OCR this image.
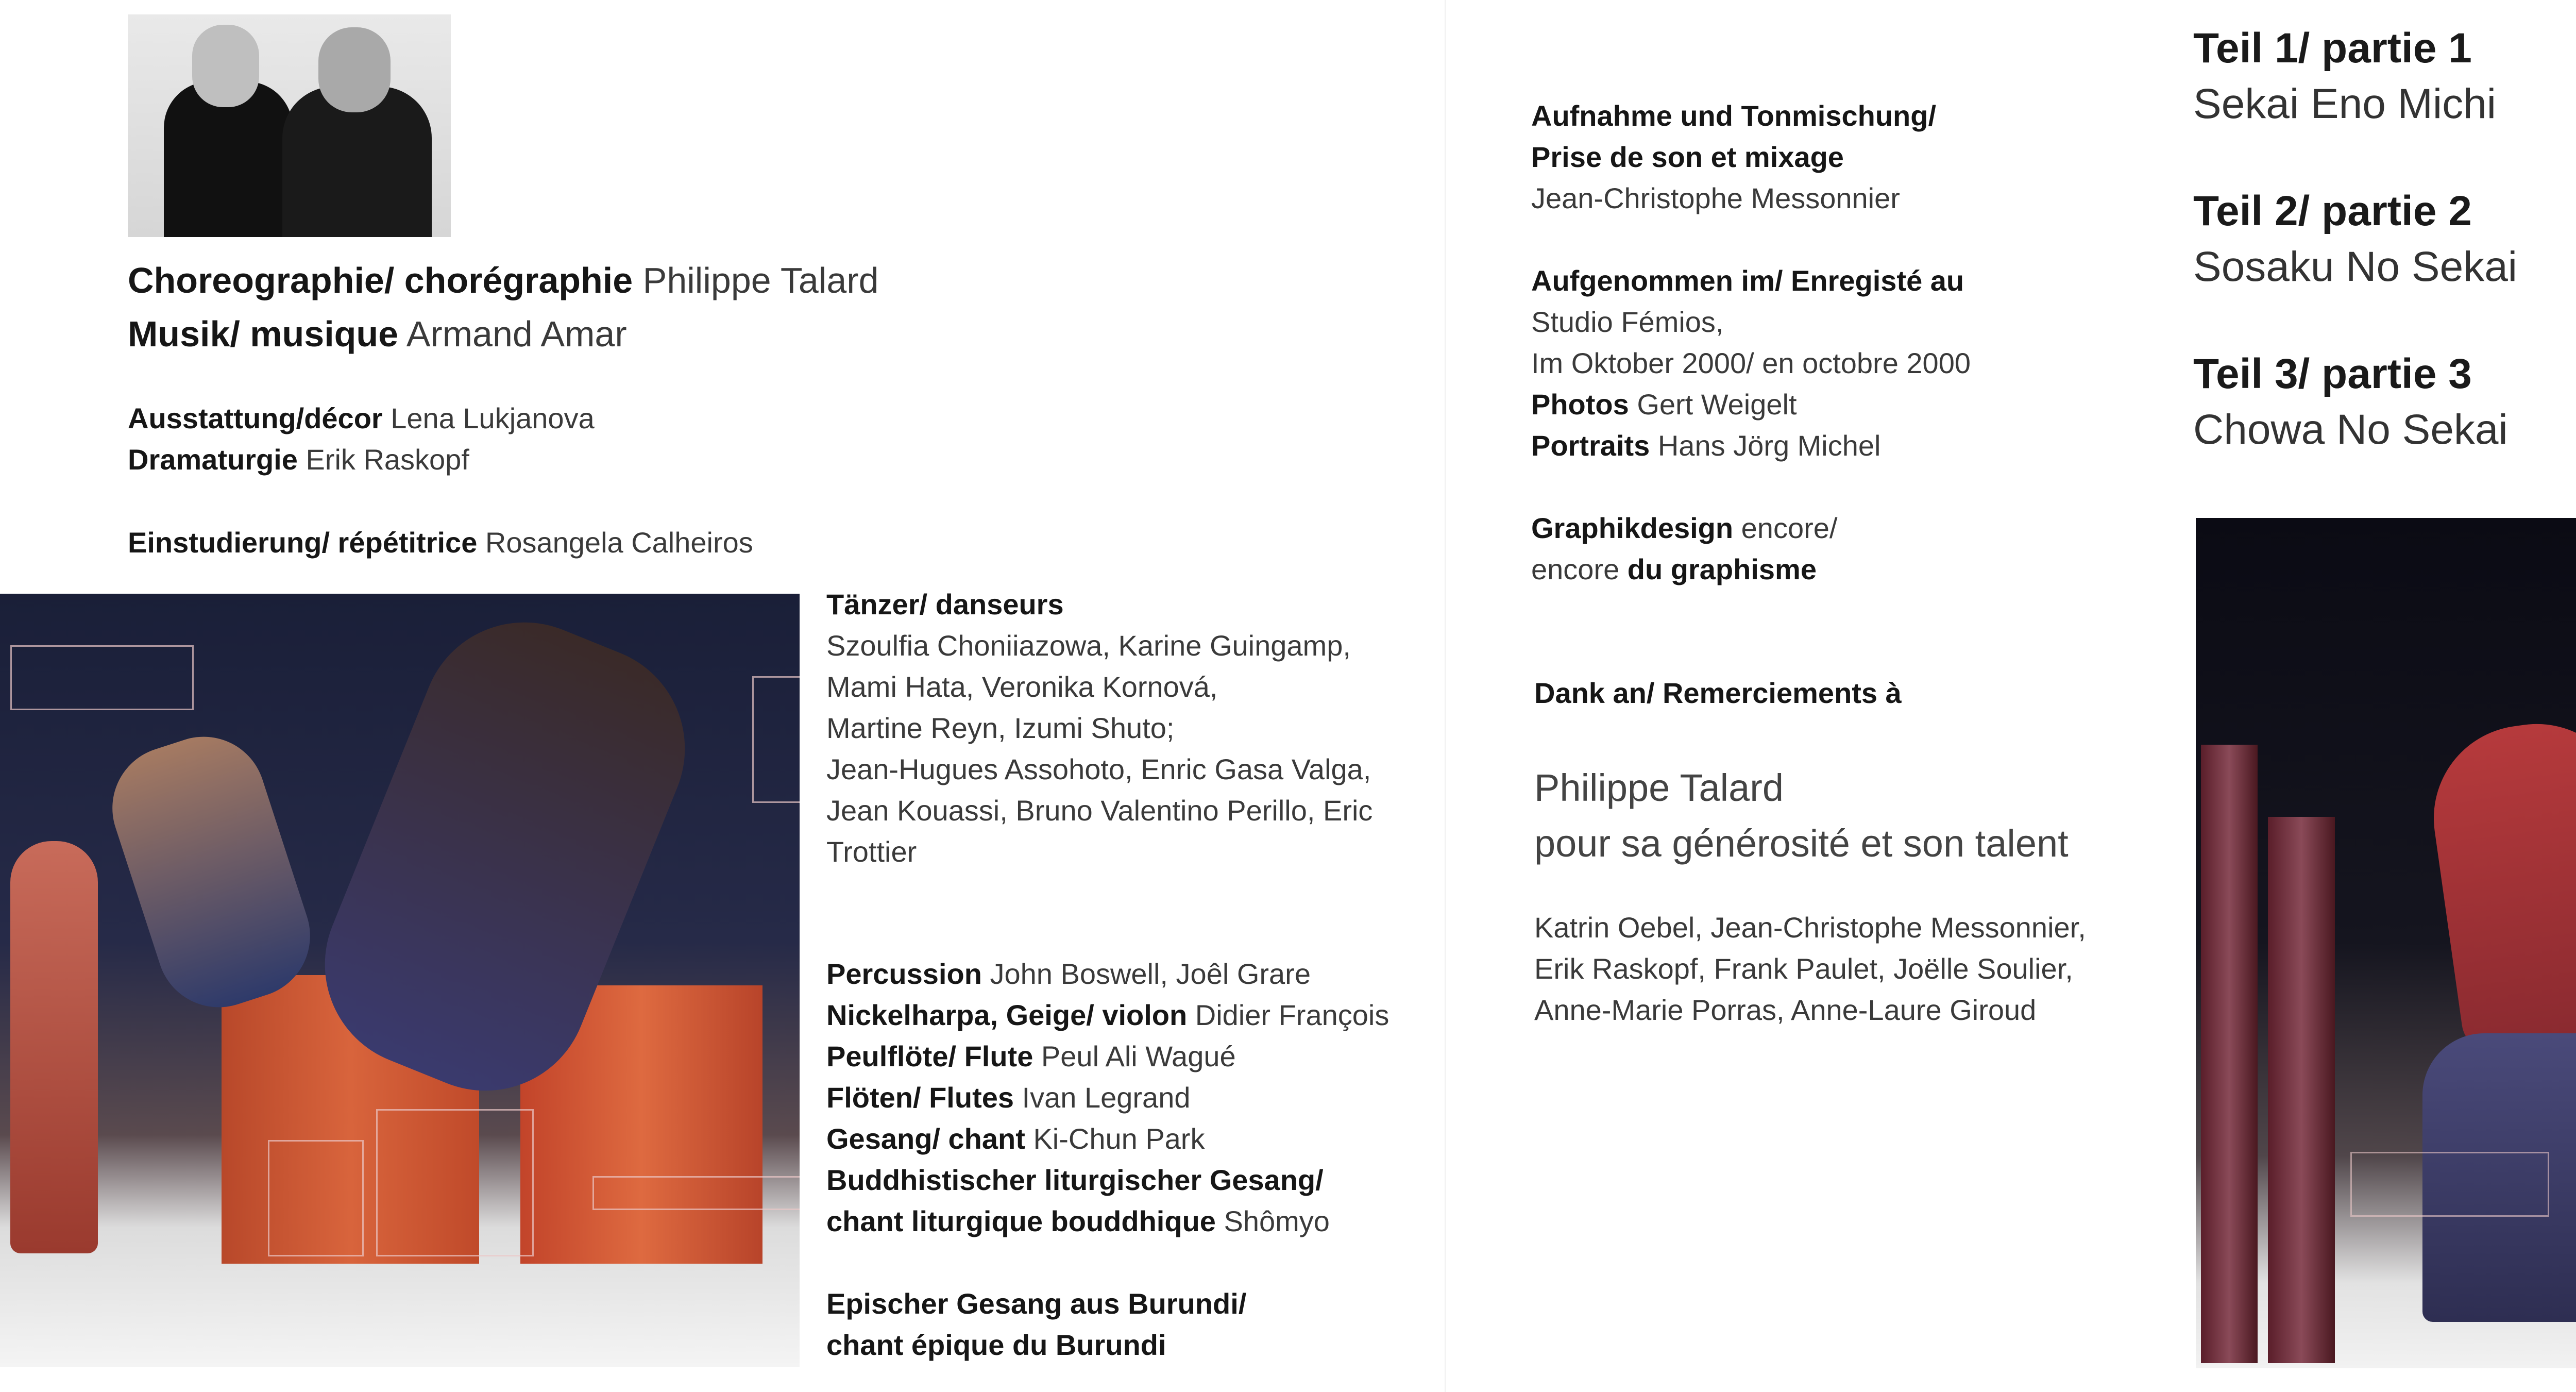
Choreographie/ chorégraphie Philippe Talard
Musik/ musique Armand Amar
Ausstattung/décor Lena Lukjanova
Dramaturgie Erik Raskopf
Einstudierung/ répétitrice Rosangela Calheiros
Tänzer/ danseurs
Szoulfia Choniiazowa, Karine Guingamp,
Mami Hata, Veronika Kornová,
Martine Reyn, Izumi Shuto;
Jean-Hugues Assohoto, Enric Gasa Valga,
Jean Kouassi, Bruno Valentino Perillo, Eric
Trottier
Percussion John Boswell, Joêl Grare
Nickelharpa, Geige/ violon Didier François
Peulflöte/ Flute Peul Ali Wagué
Flöten/ Flutes Ivan Legrand
Gesang/ chant Ki-Chun Park
Buddhistischer liturgischer Gesang/
chant liturgique bouddhique Shômyo
Epischer Gesang aus Burundi/
chant épique du Burundi
Aufnahme und Tonmischung/
Prise de son et mixage
Jean-Christophe Messonnier
Aufgenommen im/ Enregisté au
Studio Fémios,
Im Oktober 2000/ en octobre 2000
Photos Gert Weigelt
Portraits Hans Jörg Michel
Graphikdesign encore/
encore du graphisme
Dank an/ Remerciements à
Philippe Talard
pour sa générosité et son talent
Katrin Oebel, Jean-Christophe Messonnier,
Erik Raskopf, Frank Paulet, Joëlle Soulier,
Anne-Marie Porras, Anne-Laure Giroud
Teil 1/ partie 1
Sekai Eno Michi
Teil 2/ partie 2
Sosaku No Sekai
Teil 3/ partie 3
Chowa No Sekai
